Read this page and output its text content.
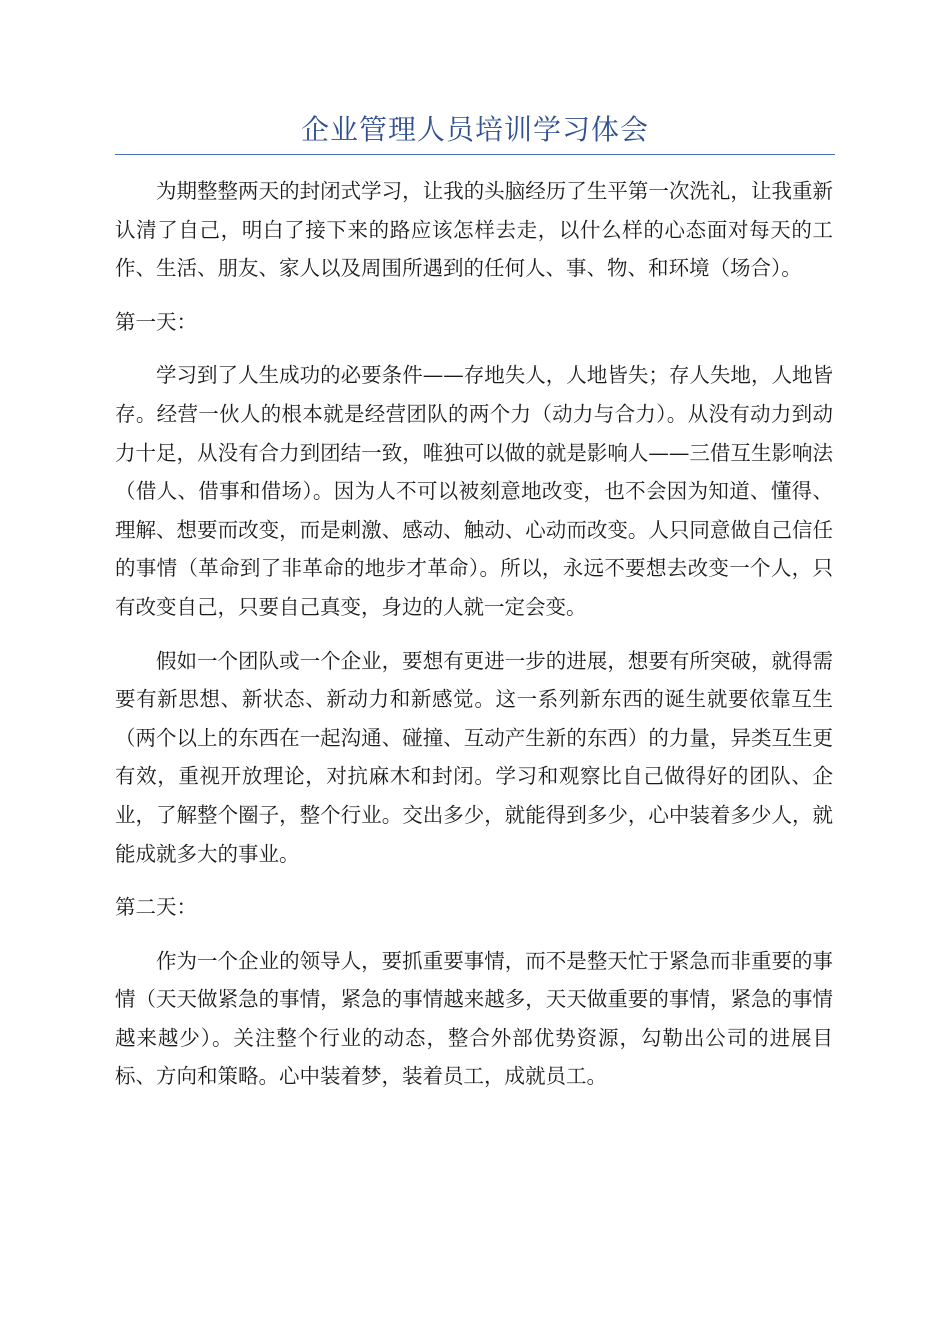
企业管理人员培训学习体会

为期整整两天的封闭式学习，让我的头脑经历了生平第一次洗礼，让我重新认清了自己，明白了接下来的路应该怎样去走，以什么样的心态面对每天的工作、生活、朋友、家人以及周围所遇到的任何人、事、物、和环境（场合）。

第一天：

学习到了人生成功的必要条件——存地失人，人地皆失；存人失地，人地皆存。经营一伙人的根本就是经营团队的两个力（动力与合力）。从没有动力到动力十足，从没有合力到团结一致，唯独可以做的就是影响人——三借互生影响法（借人、借事和借场）。因为人不可以被刻意地改变，也不会因为知道、懂得、理解、想要而改变，而是刺激、感动、触动、心动而改变。人只同意做自己信任的事情（革命到了非革命的地步才革命）。所以，永远不要想去改变一个人，只有改变自己，只要自己真变，身边的人就一定会变。

假如一个团队或一个企业，要想有更进一步的进展，想要有所突破，就得需要有新思想、新状态、新动力和新感觉。这一系列新东西的诞生就要依靠互生（两个以上的东西在一起沟通、碰撞、互动产生新的东西）的力量，异类互生更有效，重视开放理论，对抗麻木和封闭。学习和观察比自己做得好的团队、企业，了解整个圈子，整个行业。交出多少，就能得到多少，心中装着多少人，就能成就多大的事业。

第二天：

作为一个企业的领导人，要抓重要事情，而不是整天忙于紧急而非重要的事情（天天做紧急的事情，紧急的事情越来越多，天天做重要的事情，紧急的事情越来越少）。关注整个行业的动态，整合外部优势资源，勾勒出公司的进展目标、方向和策略。心中装着梦，装着员工，成就员工。
